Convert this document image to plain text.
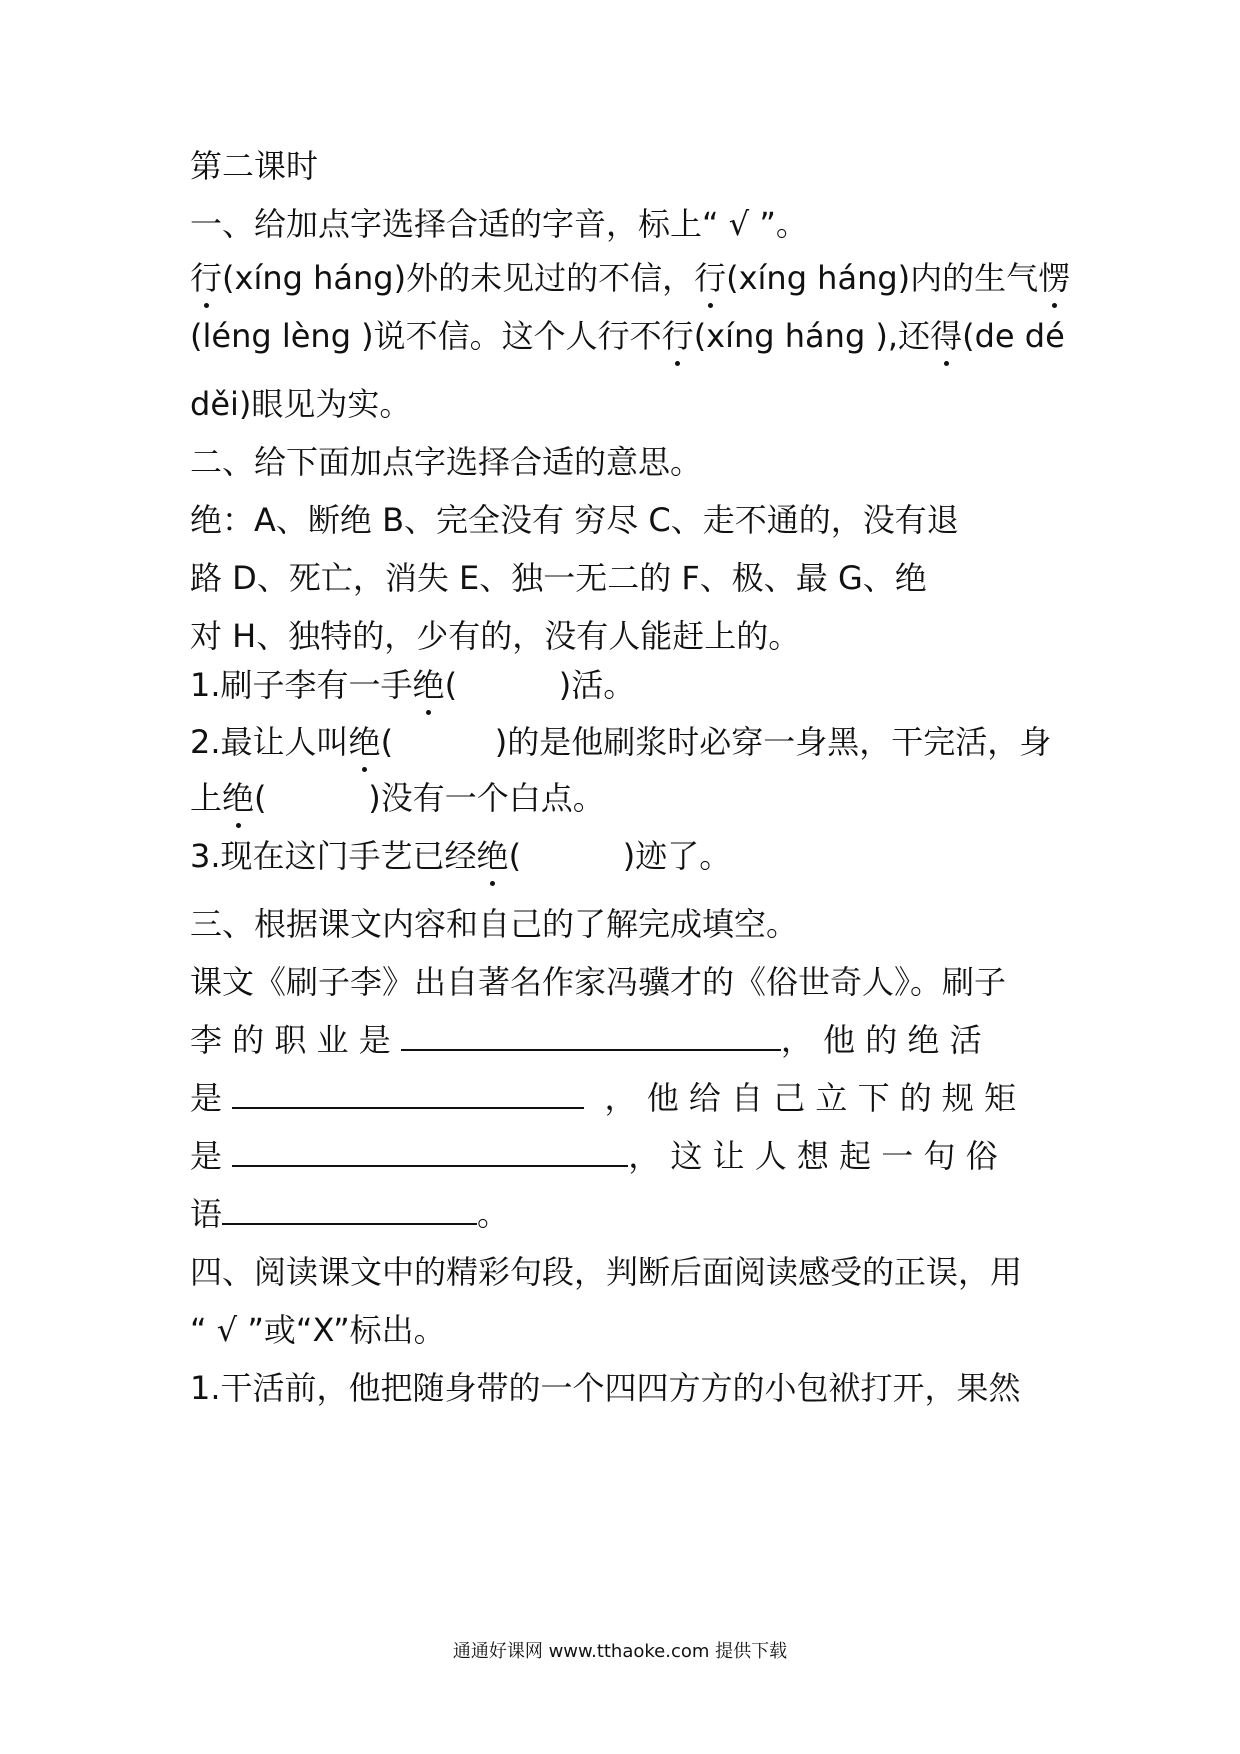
第二课时
一、给加点字选择合适的字音，标上“ √ ”。
行(xíng háng)外的未见过的不信，行(xíng háng)内的生气愣
(léng lèng )说不信。这个人行不行(xíng háng ),还得(de dé
děi)眼见为实。
二、给下面加点字选择合适的意思。
绝：A、断绝 B、完全没有 穷尽 C、走不通的，没有退
路 D、死亡，消失 E、独一无二的 F、极、最 G、绝
对 H、独特的，少有的，没有人能赶上的。
1.刷子李有一手绝(          )活。
2.最让人叫绝(          )的是他刷浆时必穿一身黑，干完活，身
上绝(          )没有一个白点。
3.现在这门手艺已经绝(          )迹了。
三、根据课文内容和自己的了解完成填空。
课文《刷子李》出自著名作家冯骥才的《俗世奇人》。刷子
李 的 职 业 是	， 他 的 绝 活
是	， 他 给 自 己 立 下 的 规 矩
是	， 这 让 人 想 起 一 句 俗
语	。
四、阅读课文中的精彩句段，判断后面阅读感受的正误，用
“ √ ”或“X”标出。
1.干活前，他把随身带的一个四四方方的小包袱打开，果然
通通好课网 www.tthaoke.com 提供下载
